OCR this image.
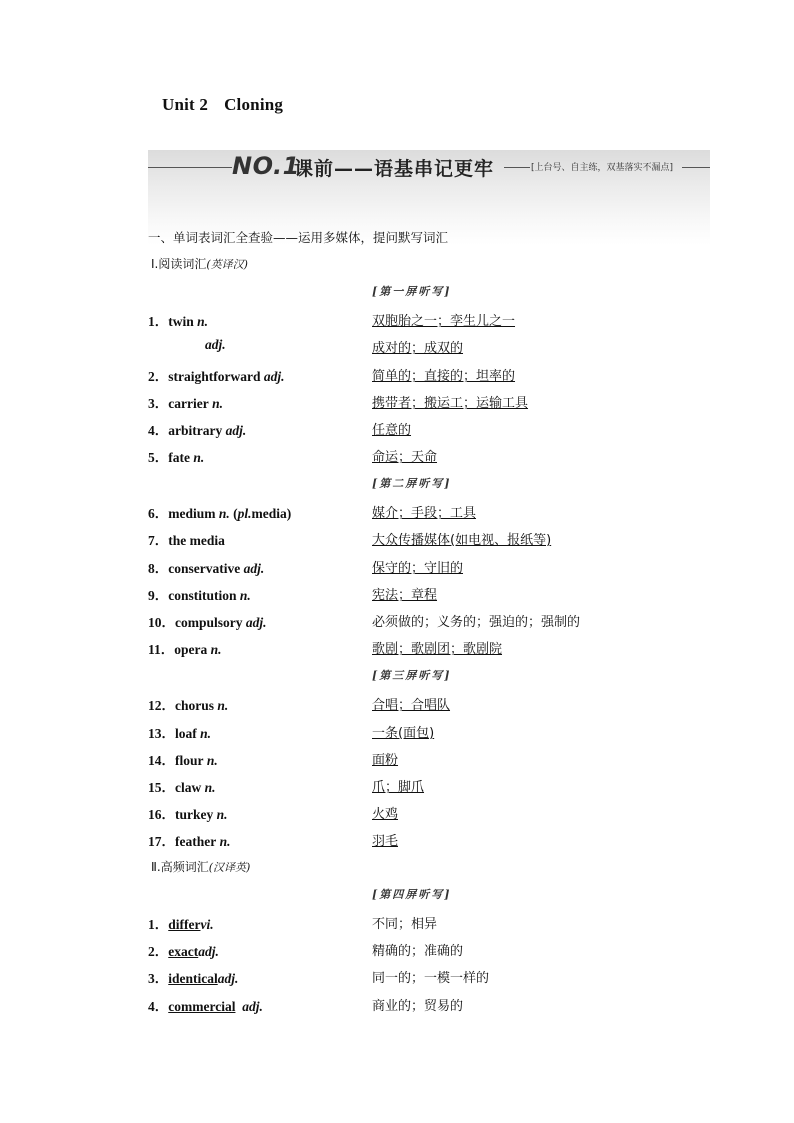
Unit 2 Cloning
NO.1
课前——语基串记更牢	[上台号、自主练，双基落实不漏点]
一、单词表词汇全查验——运用多媒体，提问默写词汇
Ⅰ.阅读词汇(英译汉)
[第一屏听写]
1．twin n.	双胞胎之一；孪生儿之一
adj.	成对的；成双的
2．straightforward adj.	简单的；直接的；坦率的
3．carrier n.	携带者；搬运工；运输工具
4．arbitrary adj.	任意的
5．fate n.	命运；天命
[第二屏听写]
6．medium n. (pl.media)	媒介；手段；工具
7．the media	大众传播媒体(如电视、报纸等)
8．conservative adj.	保守的；守旧的
9．constitution n.	宪法；章程
10．compulsory adj.	必须做的；义务的；强迫的；强制的
11．opera n.	歌剧；歌剧团；歌剧院
[第三屏听写]
12．chorus n.	合唱；合唱队
13．loaf n.	一条(面包)
14．flour n.	面粉
15．claw n.	爪；脚爪
16．turkey n.	火鸡
17．feather n.	羽毛
Ⅱ.高频词汇(汉译英)
[第四屏听写]
1．differvi.	不同；相异
2．exactadj.	精确的；准确的
3．identicaladj.	同一的；一模一样的
4．commercial adj.	商业的；贸易的
